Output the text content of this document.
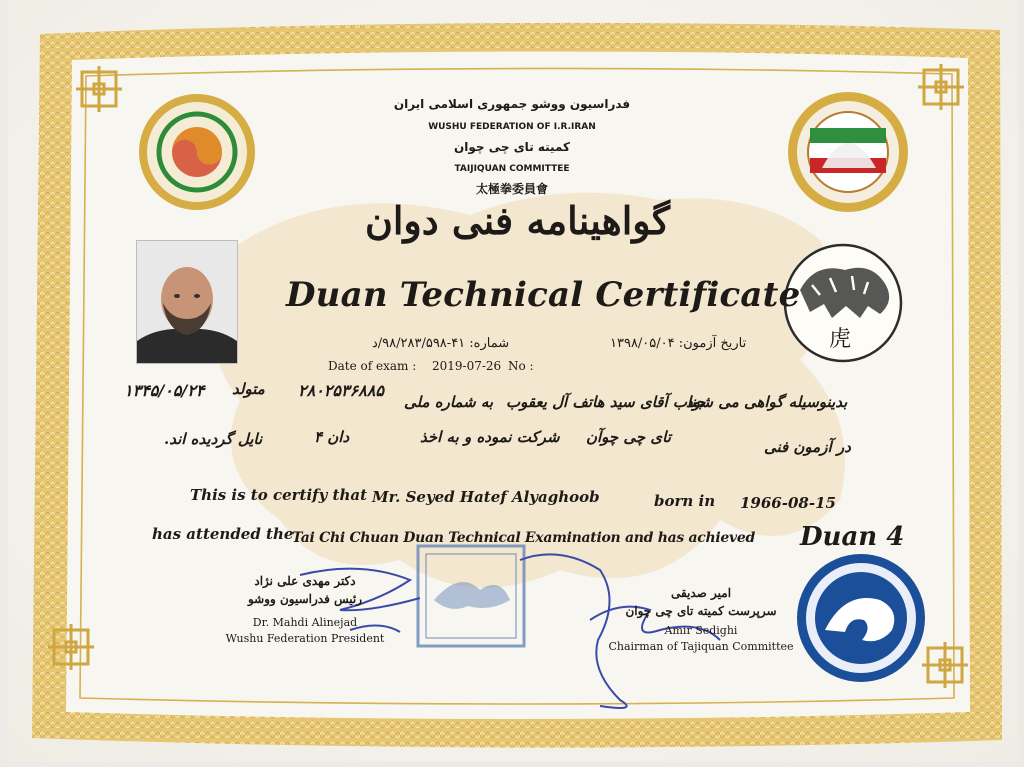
فدراسیون ووشو جمهوری اسلامی ایران
WUSHU FEDERATION OF I.R.IRAN
کمیته تای چی چوان
TAIJIQUAN COMMITTEE
太極拳委員會
虎
گواهینامه فنی دوان
Duan Technical Certificate
تاریخ آزمون: ۱۳۹۸/۰۵/۰۴
شماره: ۴۱-۹۸/۲۸۳/۵۹۸/د
Date of exam : 2019-07-26 No :
بدینوسیله گواهی می شود
جناب آقای سید هاتف آل یعقوب
به شماره ملی
۲۸۰۲۵۳۶۸۸۵
متولد
۱۳۴۵/۰۵/۲۴
در آزمون فنی
تای چی چوآن
شرکت نموده و به اخذ
دان ۴
نایل گردیده اند.
This is to certify that Mr. Seyed Hatef Alyaghoob	born in 1966-08-15
has attended the
Tai Chi Chuan Duan Technical Examination and has achieved Duan 4
دکتر مهدی علی نژاد
رئیس فدراسیون ووشو
Dr. Mahdi Alinejad
Wushu Federation President
امیر صدیقی
سرپرست کمیته تای چی چوان
Amir Sedighi
Chairman of Tajiquan Committee
